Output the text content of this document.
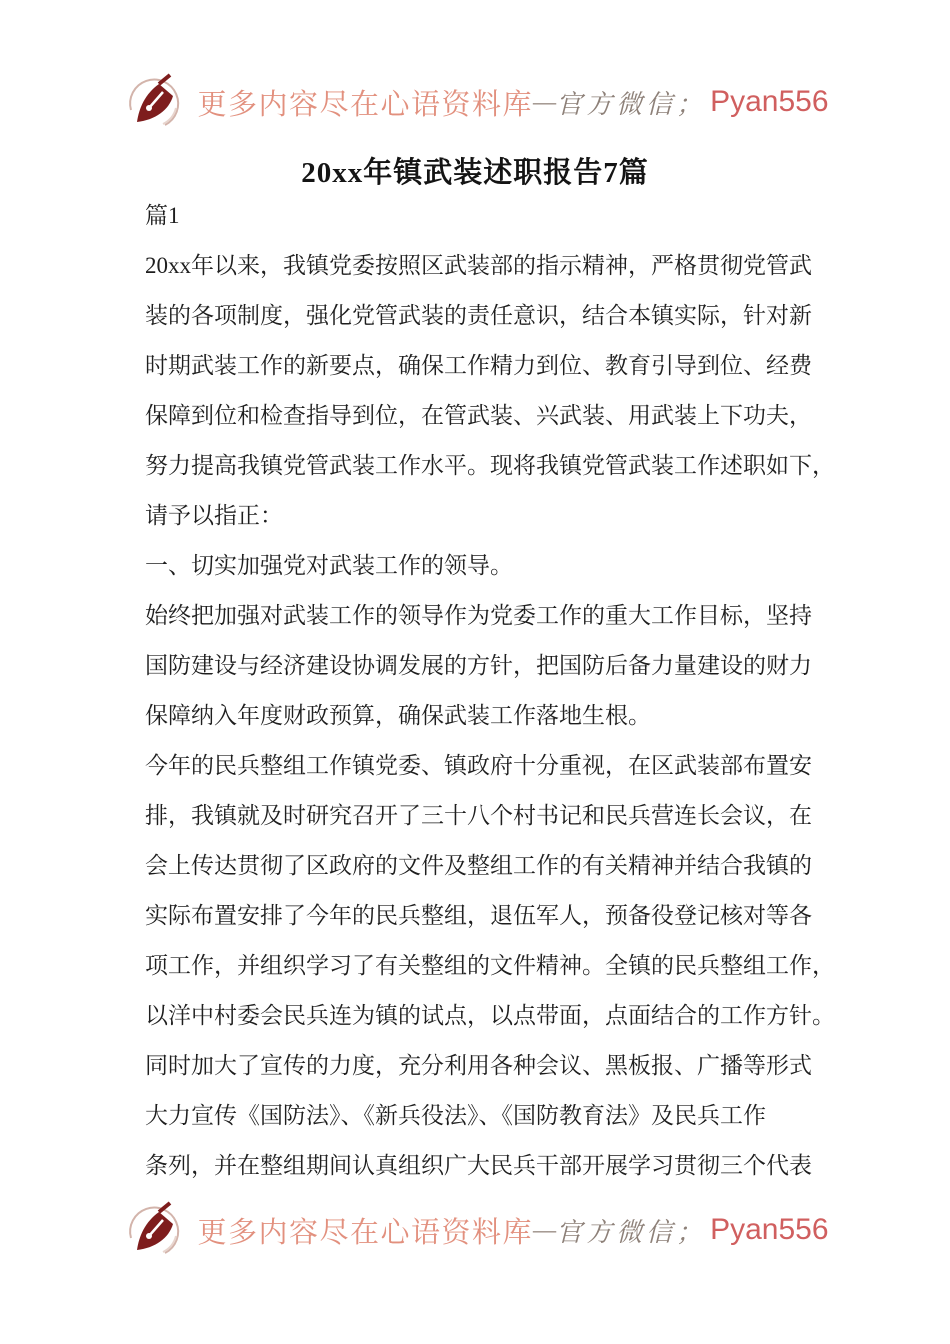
更多内容尽在心语资料库 — 官方微信； Pyan556
20xx年镇武装述职报告7篇
篇1
20xx年以来，我镇党委按照区武装部的指示精神，严格贯彻党管武
装的各项制度，强化党管武装的责任意识，结合本镇实际，针对新
时期武装工作的新要点，确保工作精力到位、教育引导到位、经费
保障到位和检查指导到位，在管武装、兴武装、用武装上下功夫，
努力提高我镇党管武装工作水平。现将我镇党管武装工作述职如下，
请予以指正：
一、切实加强党对武装工作的领导。
始终把加强对武装工作的领导作为党委工作的重大工作目标，坚持
国防建设与经济建设协调发展的方针，把国防后备力量建设的财力
保障纳入年度财政预算，确保武装工作落地生根。
今年的民兵整组工作镇党委、镇政府十分重视，在区武装部布置安
排，我镇就及时研究召开了三十八个村书记和民兵营连长会议，在
会上传达贯彻了区政府的文件及整组工作的有关精神并结合我镇的
实际布置安排了今年的民兵整组，退伍军人，预备役登记核对等各
项工作，并组织学习了有关整组的文件精神。全镇的民兵整组工作，
以洋中村委会民兵连为镇的试点，以点带面，点面结合的工作方针。
同时加大了宣传的力度，充分利用各种会议、黑板报、广播等形式
大力宣传《国防法》、《新兵役法》、《国防教育法》及民兵工作
条列，并在整组期间认真组织广大民兵干部开展学习贯彻三个代表
更多内容尽在心语资料库 — 官方微信； Pyan556
